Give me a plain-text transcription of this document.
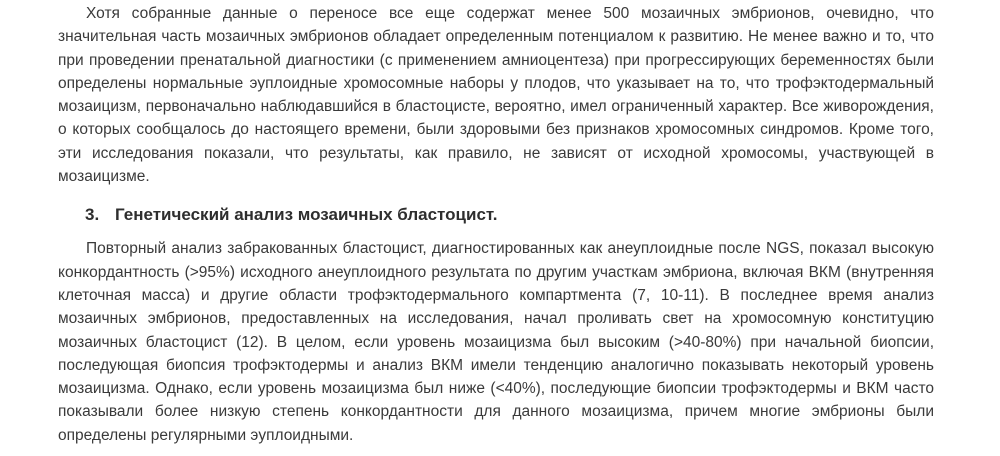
Хотя собранные данные о переносе все еще содержат менее 500 мозаичных эмбрионов, очевидно, что значительная часть мозаичных эмбрионов обладает определенным потенциалом к развитию. Не менее важно и то, что при проведении пренатальной диагностики (с применением амниоцентеза) при прогрессирующих беременностях были определены нормальные эуплоидные хромосомные наборы у плодов, что указывает на то, что трофэктодермальный мозаицизм, первоначально наблюдавшийся в бластоцисте, вероятно, имел ограниченный характер. Все живорождения, о которых сообщалось до настоящего времени, были здоровыми без признаков хромосомных синдромов. Кроме того, эти исследования показали, что результаты, как правило, не зависят от исходной хромосомы, участвующей в мозаицизме.

3. Генетический анализ мозаичных бластоцист.

Повторный анализ забракованных бластоцист, диагностированных как анеуплоидные после NGS, показал высокую конкордантность (>95%) исходного анеуплоидного результата по другим участкам эмбриона, включая ВКМ (внутренняя клеточная масса) и другие области трофэктодермального компартмента (7, 10-11). В последнее время анализ мозаичных эмбрионов, предоставленных на исследования, начал проливать свет на хромосомную конституцию мозаичных бластоцист (12). В целом, если уровень мозаицизма был высоким (>40-80%) при начальной биопсии, последующая биопсия трофэктодермы и анализ ВКМ имели тенденцию аналогично показывать некоторый уровень мозаицизма. Однако, если уровень мозаицизма был ниже (<40%), последующие биопсии трофэктодермы и ВКМ часто показывали более низкую степень конкордантности для данного мозаицизма, причем многие эмбрионы были определены регулярными эуплоидными.
